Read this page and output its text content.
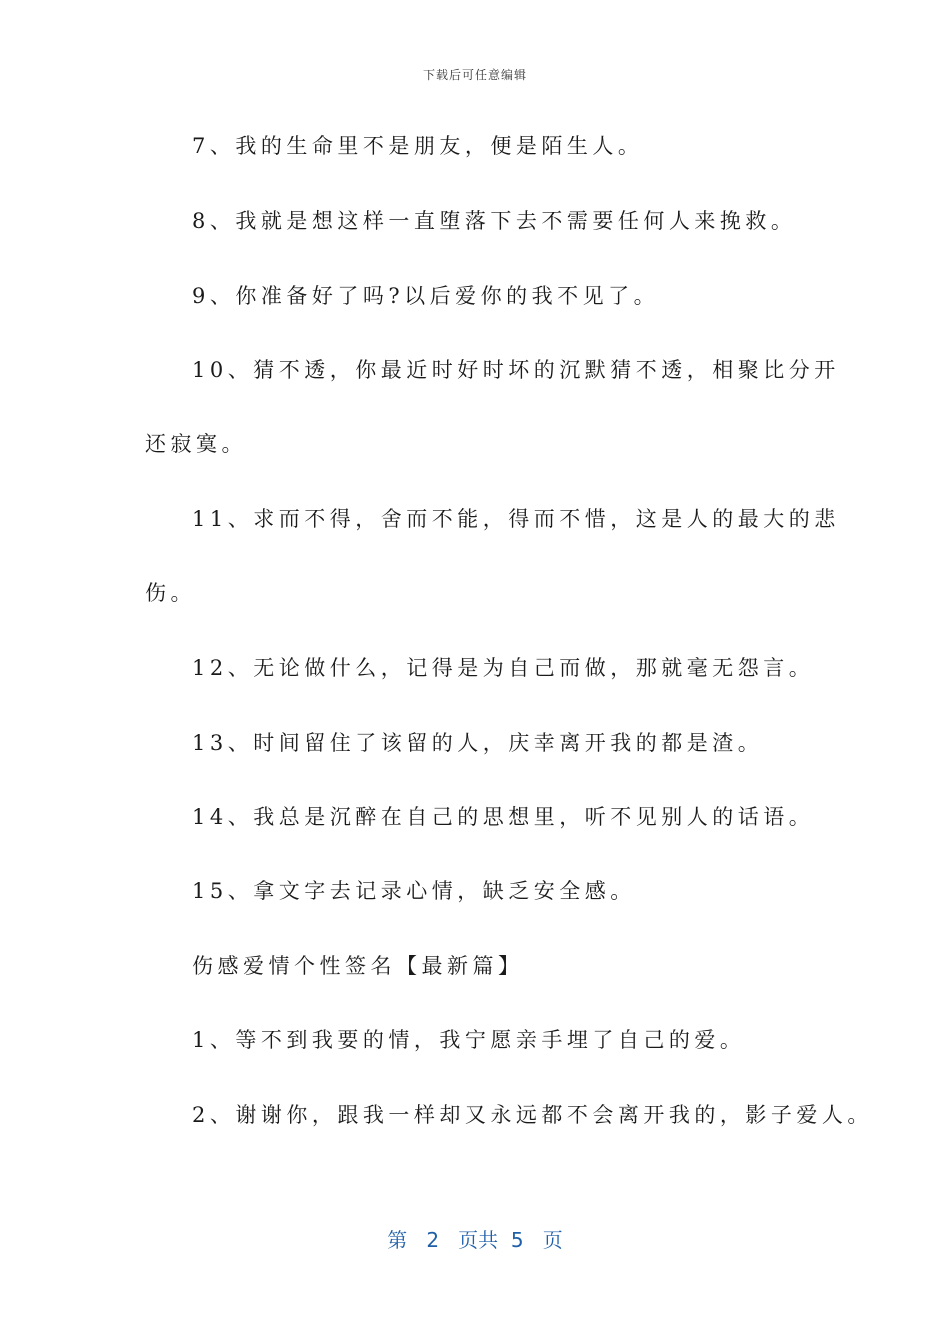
下载后可任意编辑
7、我的生命里不是朋友，便是陌生人。
8、我就是想这样一直堕落下去不需要任何人来挽救。
9、你准备好了吗?以后爱你的我不见了。
10、猜不透，你最近时好时坏的沉默猜不透，相聚比分开
还寂寞。
11、求而不得，舍而不能，得而不惜，这是人的最大的悲
伤。
12、无论做什么，记得是为自己而做，那就毫无怨言。
13、时间留住了该留的人，庆幸离开我的都是渣。
14、我总是沉醉在自己的思想里，听不见别人的话语。
15、拿文字去记录心情，缺乏安全感。
伤感爱情个性签名【最新篇】
1、等不到我要的情，我宁愿亲手埋了自己的爱。
2、谢谢你，跟我一样却又永远都不会离开我的，影子爱人。
第 2 页共 5 页
